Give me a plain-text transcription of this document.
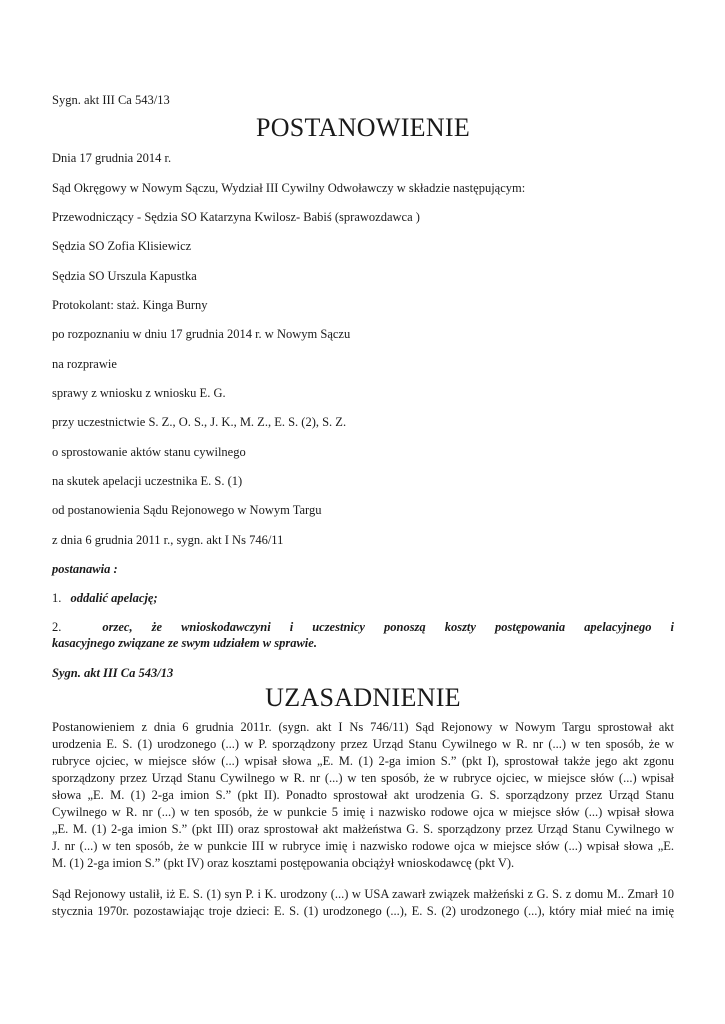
Sygn. akt III Ca 543/13
POSTANOWIENIE
Dnia 17 grudnia 2014 r.
Sąd Okręgowy w Nowym Sączu, Wydział III Cywilny Odwoławczy w składzie następującym:
Przewodniczący - Sędzia SO Katarzyna Kwilosz- Babiś (sprawozdawca )
Sędzia SO Zofia Klisiewicz
Sędzia SO Urszula Kapustka
Protokolant: staż. Kinga Burny
po rozpoznaniu w dniu 17 grudnia 2014 r. w Nowym Sączu
na rozprawie
sprawy z wniosku z wniosku E. G.
przy uczestnictwie S. Z., O. S., J. K., M. Z., E. S. (2), S. Z.
o sprostowanie aktów stanu cywilnego
na skutek apelacji uczestnika E. S. (1)
od postanowienia Sądu Rejonowego w Nowym Targu
z dnia 6 grudnia 2011 r., sygn. akt I Ns 746/11
postanawia :
1. oddalić apelację;
2.	orzec, że wnioskodawczyni i uczestnicy ponoszą koszty postępowania apelacyjnego i
kasacyjnego związane ze swym udziałem w sprawie.
Sygn. akt III Ca 543/13
UZASADNIENIE
Postanowieniem z dnia 6 grudnia 2011r. (sygn. akt I Ns 746/11) Sąd Rejonowy w Nowym Targu sprostował akt
urodzenia E. S. (1) urodzonego (...) w P. sporządzony przez Urząd Stanu Cywilnego w R. nr (...) w ten sposób, że w
rubryce ojciec, w miejsce słów (...) wpisał słowa „E. M. (1) 2-ga imion S.” (pkt I), sprostował także jego akt zgonu
sporządzony przez Urząd Stanu Cywilnego w R. nr (...) w ten sposób, że w rubryce ojciec, w miejsce słów (...) wpisał
słowa „E. M. (1) 2-ga imion S.” (pkt II). Ponadto sprostował akt urodzenia G. S. sporządzony przez Urząd Stanu
Cywilnego w R. nr (...) w ten sposób, że w punkcie 5 imię i nazwisko rodowe ojca w miejsce słów (...) wpisał słowa
„E. M. (1) 2-ga imion S.” (pkt III) oraz sprostował akt małżeństwa G. S. sporządzony przez Urząd Stanu Cywilnego w
J. nr (...) w ten sposób, że w punkcie III w rubryce imię i nazwisko rodowe ojca w miejsce słów (...) wpisał słowa „E.
M. (1) 2-ga imion S.” (pkt IV) oraz kosztami postępowania obciążył wnioskodawcę (pkt V).
Sąd Rejonowy ustalił, iż E. S. (1) syn P. i K. urodzony (...) w USA zawarł związek małżeński z G. S. z domu M.. Zmarł 10
stycznia 1970r. pozostawiając troje dzieci: E. S. (1) urodzonego (...), E. S. (2) urodzonego (...), który miał mieć na imię
